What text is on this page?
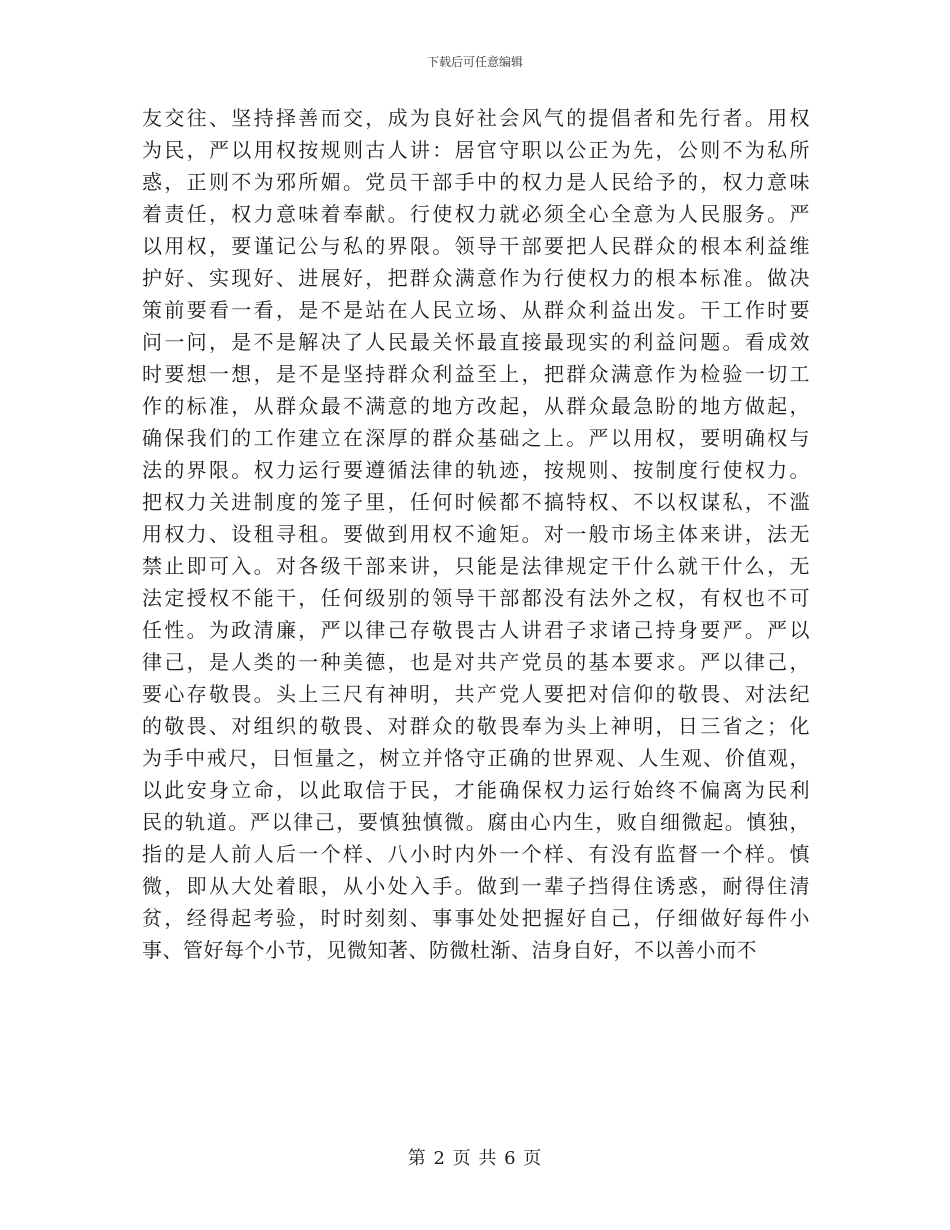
下载后可任意编辑
友交往、坚持择善而交，成为良好社会风气的提倡者和先行者。用权
为民，严以用权按规则古人讲：居官守职以公正为先，公则不为私所
惑，正则不为邪所媚。党员干部手中的权力是人民给予的，权力意味
着责任，权力意味着奉献。行使权力就必须全心全意为人民服务。严
以用权，要谨记公与私的界限。领导干部要把人民群众的根本利益维
护好、实现好、进展好，把群众满意作为行使权力的根本标准。做决
策前要看一看，是不是站在人民立场、从群众利益出发。干工作时要
问一问，是不是解决了人民最关怀最直接最现实的利益问题。看成效
时要想一想，是不是坚持群众利益至上，把群众满意作为检验一切工
作的标准，从群众最不满意的地方改起，从群众最急盼的地方做起，
确保我们的工作建立在深厚的群众基础之上。严以用权，要明确权与
法的界限。权力运行要遵循法律的轨迹，按规则、按制度行使权力。
把权力关进制度的笼子里，任何时候都不搞特权、不以权谋私，不滥
用权力、设租寻租。要做到用权不逾矩。对一般市场主体来讲，法无
禁止即可入。对各级干部来讲，只能是法律规定干什么就干什么，无
法定授权不能干，任何级别的领导干部都没有法外之权，有权也不可
任性。为政清廉，严以律己存敬畏古人讲君子求诸己持身要严。严以
律己，是人类的一种美德，也是对共产党员的基本要求。严以律己，
要心存敬畏。头上三尺有神明，共产党人要把对信仰的敬畏、对法纪
的敬畏、对组织的敬畏、对群众的敬畏奉为头上神明，日三省之；化
为手中戒尺，日恒量之，树立并恪守正确的世界观、人生观、价值观，
以此安身立命，以此取信于民，才能确保权力运行始终不偏离为民利
民的轨道。严以律己，要慎独慎微。腐由心内生，败自细微起。慎独，
指的是人前人后一个样、八小时内外一个样、有没有监督一个样。慎
微，即从大处着眼，从小处入手。做到一辈子挡得住诱惑，耐得住清
贫，经得起考验，时时刻刻、事事处处把握好自己，仔细做好每件小
事、管好每个小节，见微知著、防微杜渐、洁身自好，不以善小而不
第 2 页 共 6 页
